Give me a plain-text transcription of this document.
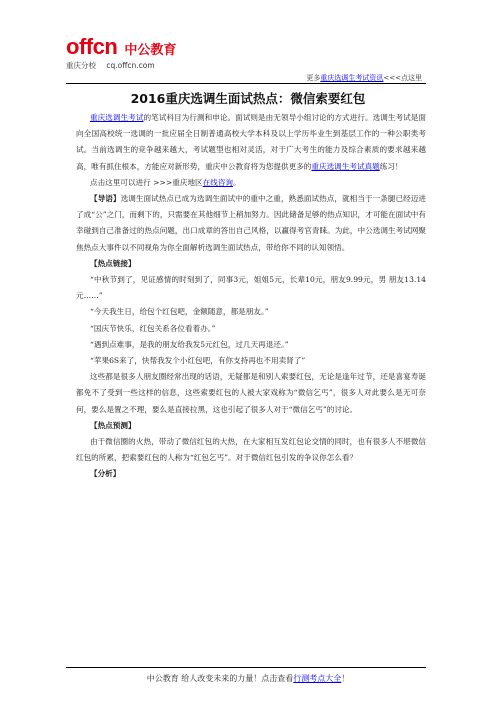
offcn 中公教育
重庆分校 cq.offcn.com
更多重庆选调生考试资讯<<<点这里
2016重庆选调生面试热点：微信索要红包

重庆选调生考试的笔试科目为行测和申论。面试则是由无领导小组讨论的方式进行。选调生考试是面向全国高校统一选调的一批应届全日制普通高校大学本科及以上学历毕业生到基层工作的一种公职类考试。当前选调生的竞争越来越大，考试题型也相对灵活，对于广大考生的能力及综合素质的要求越来越高，唯有抓住根本，方能应对新形势，重庆中公教育将为您提供更多的重庆选调生考试真题练习！

点击这里可以进行 >>>重庆地区在线咨询。

【导语】选调生面试热点已成为选调生面试中的重中之重，熟悉面试热点，就相当于一条腿已经迈进了成“公”之门，而剩下的，只需要在其他细节上稍加努力。因此储备足够的热点知识，才可能在面试中有幸碰到自己准备过的热点问题，出口成章的答出自己风格，以赢得考官青睐。为此，中公选调生考试网聚焦热点大事件以不同视角为你全面解析选调生面试热点，带给你不同的认知领悟。

【热点链接】

“中秋节到了，见证感情的时刻到了，同事3元，姐姐5元，长辈10元，朋友9.99元，男 朋友13.14元……”

“今天我生日，给包个红包吧，金额随意，都是朋友。”

“国庆节快乐，红包关系各位看着办。”

“遇到点难事，是我的朋友给我发5元红包，过几天再退还。”

“苹果6S来了，快帮我发个小红包吧，有你支持再也不用卖肾了”

这些都是很多人朋友圈经常出现的话语，无疑都是和别人索要红包，无论是逢年过节，还是喜宴寿诞都免不了受到一些这样的信息，这些索要红包的人被大家戏称为“微信乞丐”，很多人对此要么是无可奈何，要么是置之不理，要么是直接拉黑，这也引起了很多人对于“微信乞丐”的讨论。

【热点预测】

由于微信圈的火热，带动了微信红包的大热，在大家相互发红包论交情的同时，也有很多人不堪微信红包的所累，把索要红包的人称为“红包乞丐”。对于微信红包引发的争议你怎么看？

【分析】

中公教育 给人改变未来的力量！点击查看行测考点大全！
